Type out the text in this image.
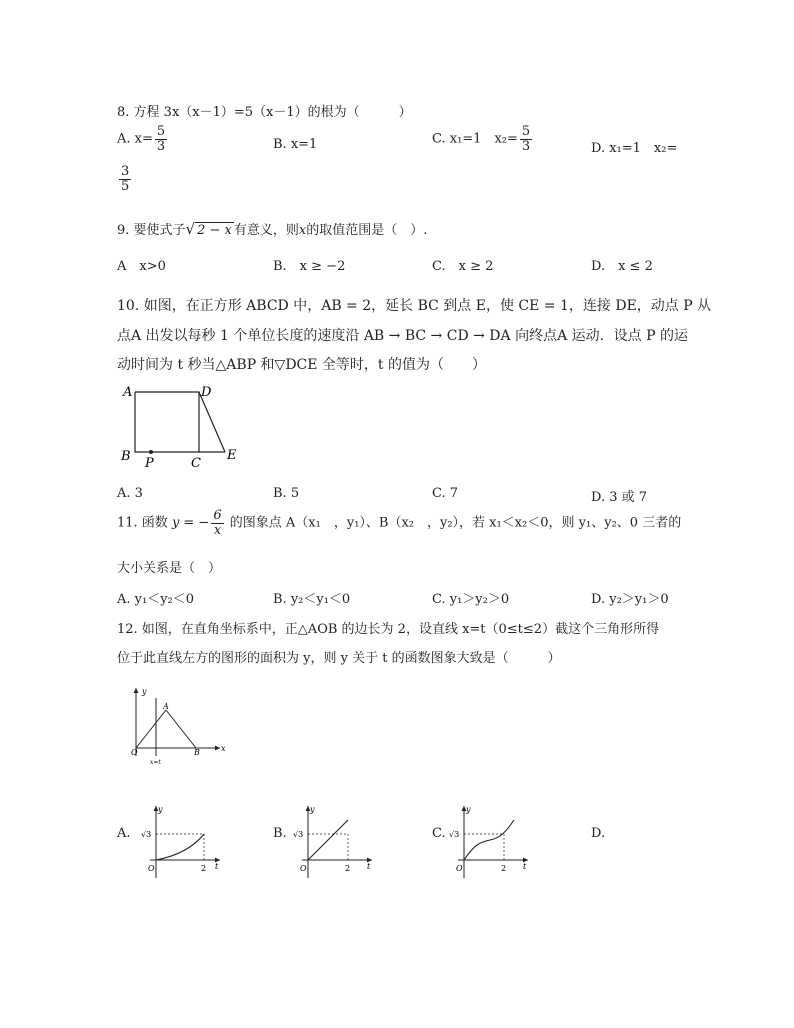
8. 方程 3x（x－1）=5（x－1）的根为（　　　）
A. $x= \frac{5}{3}$	B. x=1	C. x₁=1　$x_2= \frac{5}{3}$	D. x₁=1　x₂=
$\frac{3}{5}$
9. 要使式子√ 2 − x 有意义，则x的取值范围是（　）.
A　x>0	B.　x ≥ −2	C.　x ≥ 2	D.　x ≤ 2
10. 如图，在正方形 ABCD 中，AB = 2，延长 BC 到点 E，使 CE = 1，连接 DE，动点 P 从
点A 出发以每秒 1 个单位长度的速度沿 AB → BC → CD → DA 向终点A 运动．设点 P 的运
动时间为 t 秒当△ABP 和▽DCE 全等时，t 的值为（　　）
A	D
B P	C
E
A. 3	B. 5	C. 7	D. 3 或 7
11. 函数 y = − $\frac{6}{x}$ 的图象点 A（x₁　，y₁）、B（x₂　，y₂），若 x₁＜x₂＜0，则 y₁、y₂、0 三者的
大小关系是（　）
A. y₁＜y₂＜0	B. y₂＜y₁＜0	C. y₁＞y₂＞0	D. y₂＞y₁＞0
12. 如图，在直角坐标系中，正△AOB 的边长为 2，设直线 x=t（0≤t≤2）截这个三角形所得
位于此直线左方的图形的面积为 y，则 y 关于 t 的函数图象大致是（　　　）
y
x
A
B
O
x=t
A.
y
t
O	2
√3	B.
y
t
O	2
√3	C.
y
t
O	2
√3	D.
